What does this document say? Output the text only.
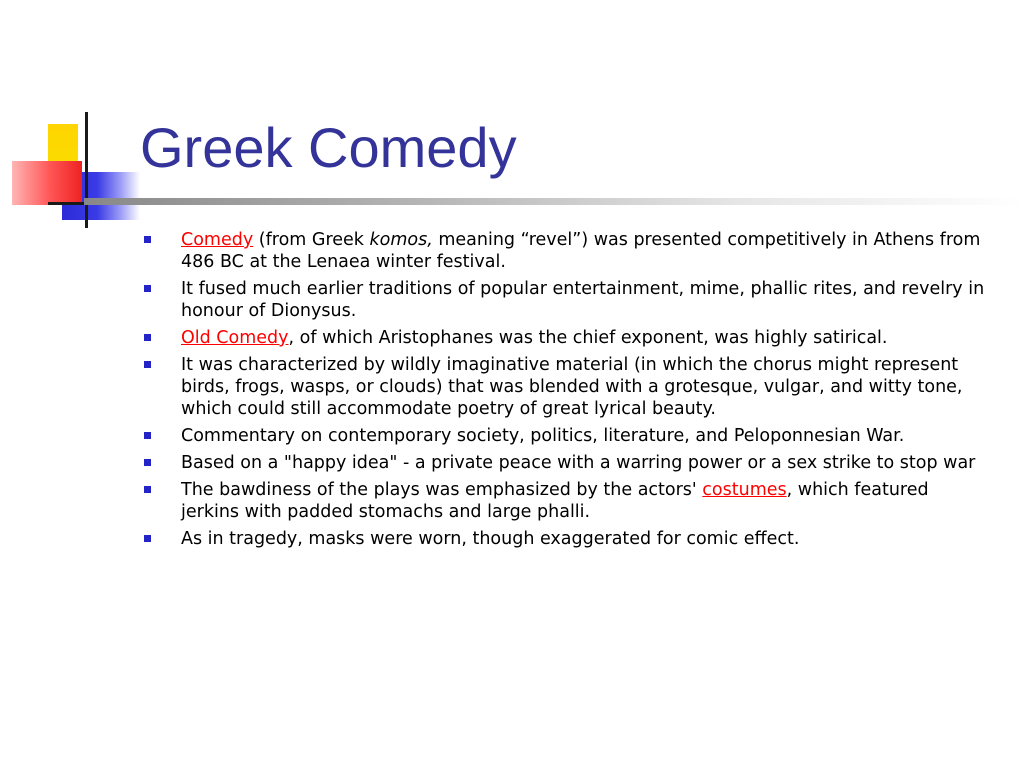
Greek Comedy
Comedy (from Greek komos, meaning “revel”) was presented competitively in Athens from 486 BC at the Lenaea winter festival.
It fused much earlier traditions of popular entertainment, mime, phallic rites, and revelry in honour of Dionysus.
Old Comedy, of which Aristophanes was the chief exponent, was highly satirical.
It was characterized by wildly imaginative material (in which the chorus might represent birds, frogs, wasps, or clouds) that was blended with a grotesque, vulgar, and witty tone, which could still accommodate poetry of great lyrical beauty.
Commentary on contemporary society, politics, literature, and Peloponnesian War.
Based on a "happy idea" - a private peace with a warring power or a sex strike to stop war
The bawdiness of the plays was emphasized by the actors' costumes, which featured jerkins with padded stomachs and large phalli.
As in tragedy, masks were worn, though exaggerated for comic effect.
